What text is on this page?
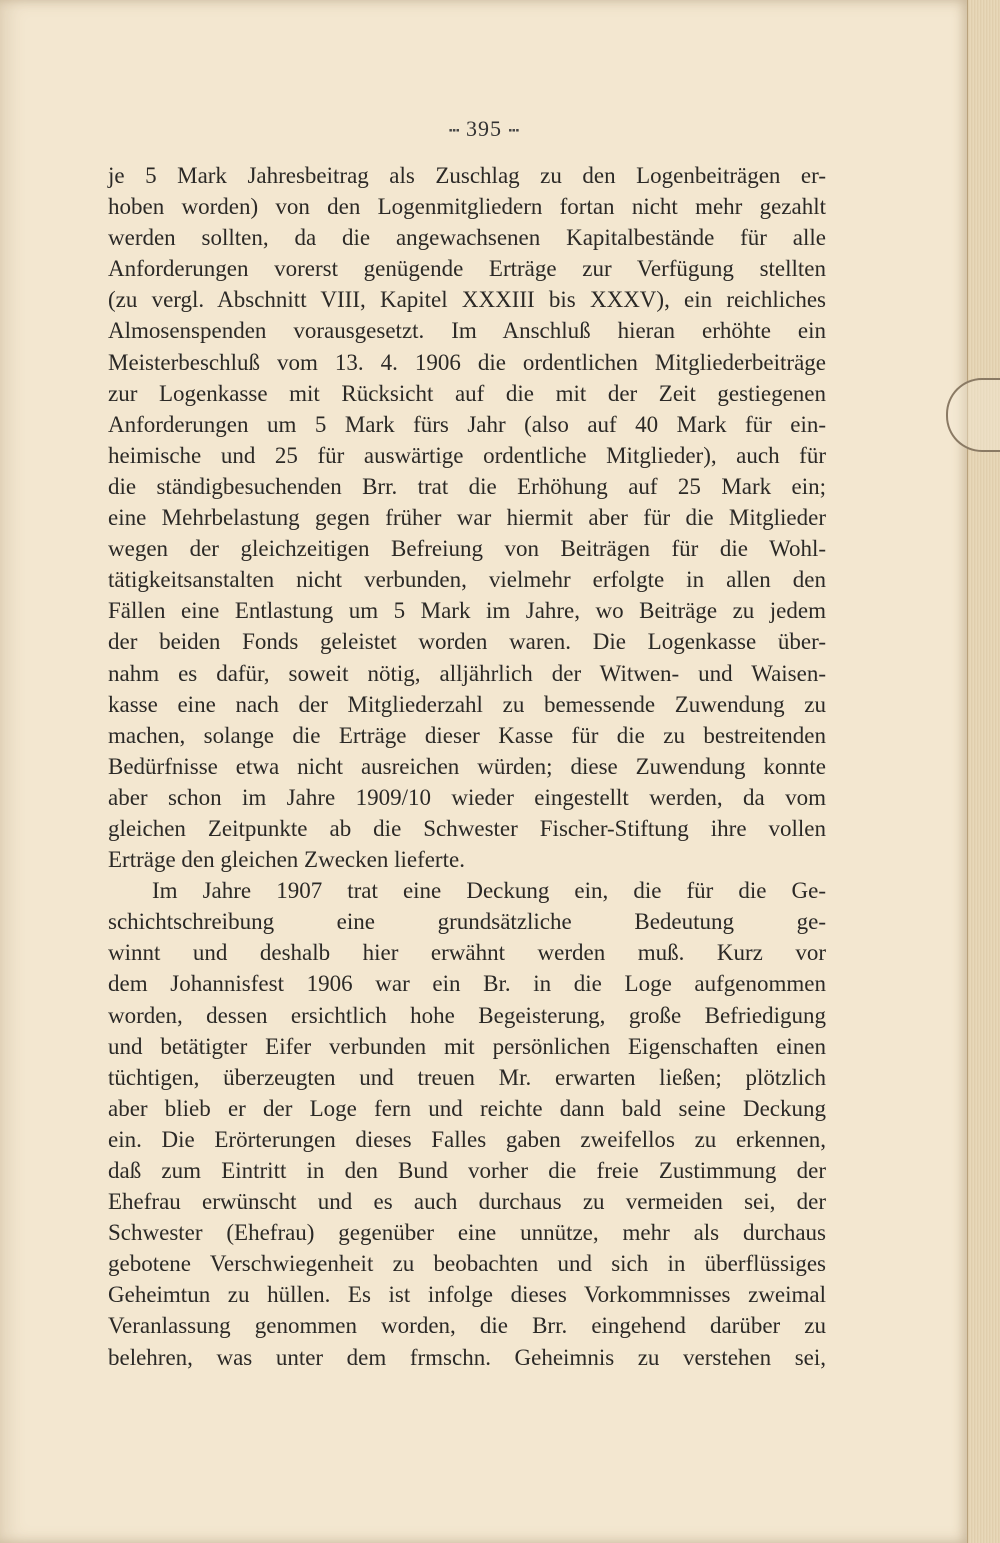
▪▪▪ 395 ▪▪▪
je 5 Mark Jahresbeitrag als Zuschlag zu den Logenbeiträgen er-
hoben worden) von den Logenmitgliedern fortan nicht mehr gezahlt
werden sollten, da die angewachsenen Kapitalbestände für alle
Anforderungen vorerst genügende Erträge zur Verfügung stellten
(zu vergl. Abschnitt VIII, Kapitel XXXIII bis XXXV), ein reichliches
Almosenspenden vorausgesetzt. Im Anschluß hieran erhöhte ein
Meisterbeschluß vom 13. 4. 1906 die ordentlichen Mitgliederbeiträge
zur Logenkasse mit Rücksicht auf die mit der Zeit gestiegenen
Anforderungen um 5 Mark fürs Jahr (also auf 40 Mark für ein-
heimische und 25 für auswärtige ordentliche Mitglieder), auch für
die ständigbesuchenden Brr. trat die Erhöhung auf 25 Mark ein;
eine Mehrbelastung gegen früher war hiermit aber für die Mitglieder
wegen der gleichzeitigen Befreiung von Beiträgen für die Wohl-
tätigkeitsanstalten nicht verbunden, vielmehr erfolgte in allen den
Fällen eine Entlastung um 5 Mark im Jahre, wo Beiträge zu jedem
der beiden Fonds geleistet worden waren. Die Logenkasse über-
nahm es dafür, soweit nötig, alljährlich der Witwen- und Waisen-
kasse eine nach der Mitgliederzahl zu bemessende Zuwendung zu
machen, solange die Erträge dieser Kasse für die zu bestreitenden
Bedürfnisse etwa nicht ausreichen würden; diese Zuwendung konnte
aber schon im Jahre 1909/10 wieder eingestellt werden, da vom
gleichen Zeitpunkte ab die Schwester Fischer-Stiftung ihre vollen
Erträge den gleichen Zwecken lieferte.
Im Jahre 1907 trat eine Deckung ein, die für die Ge-
schichtschreibung eine grundsätzliche Bedeutung ge-
winnt und deshalb hier erwähnt werden muß. Kurz vor
dem Johannisfest 1906 war ein Br. in die Loge aufgenommen
worden, dessen ersichtlich hohe Begeisterung, große Befriedigung
und betätigter Eifer verbunden mit persönlichen Eigenschaften einen
tüchtigen, überzeugten und treuen Mr. erwarten ließen; plötzlich
aber blieb er der Loge fern und reichte dann bald seine Deckung
ein. Die Erörterungen dieses Falles gaben zweifellos zu erkennen,
daß zum Eintritt in den Bund vorher die freie Zustimmung der
Ehefrau erwünscht und es auch durchaus zu vermeiden sei, der
Schwester (Ehefrau) gegenüber eine unnütze, mehr als durchaus
gebotene Verschwiegenheit zu beobachten und sich in überflüssiges
Geheimtun zu hüllen. Es ist infolge dieses Vorkommnisses zweimal
Veranlassung genommen worden, die Brr. eingehend darüber zu
belehren, was unter dem frmschn. Geheimnis zu verstehen sei,
